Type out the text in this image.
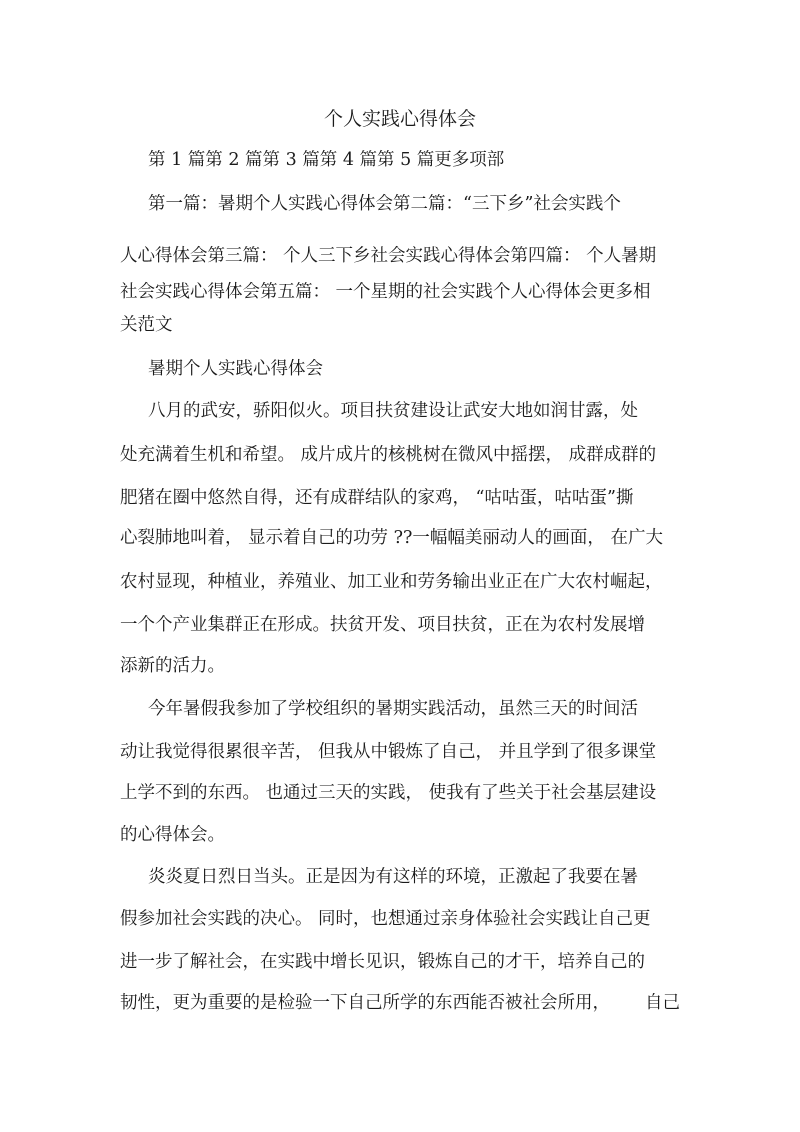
个人实践心得体会
第 1 篇第 2 篇第 3 篇第 4 篇第 5 篇更多项部
第一篇：暑期个人实践心得体会第二篇：“三下乡”社会实践个
人心得体会第三篇： 个人三下乡社会实践心得体会第四篇： 个人暑期
社会实践心得体会第五篇： 一个星期的社会实践个人心得体会更多相
关范文
暑期个人实践心得体会
八月的武安，骄阳似火。项目扶贫建设让武安大地如润甘露，处
处充满着生机和希望。 成片成片的核桃树在微风中摇摆， 成群成群的
肥猪在圈中悠然自得，还有成群结队的家鸡， “咕咕蛋，咕咕蛋”撕
心裂肺地叫着， 显示着自己的功劳 ??一幅幅美丽动人的画面， 在广大
农村显现，种植业，养殖业、加工业和劳务输出业正在广大农村崛起，
一个个产业集群正在形成。扶贫开发、项目扶贫，正在为农村发展增
添新的活力。
今年暑假我参加了学校组织的暑期实践活动，虽然三天的时间活
动让我觉得很累很辛苦， 但我从中锻炼了自己， 并且学到了很多课堂
上学不到的东西。 也通过三天的实践， 使我有了些关于社会基层建设
的心得体会。
炎炎夏日烈日当头。正是因为有这样的环境，正激起了我要在暑
假参加社会实践的决心。 同时，也想通过亲身体验社会实践让自己更
进一步了解社会，在实践中增长见识，锻炼自己的才干，培养自己的
韧性，更为重要的是检验一下自己所学的东西能否被社会所用， 自己
